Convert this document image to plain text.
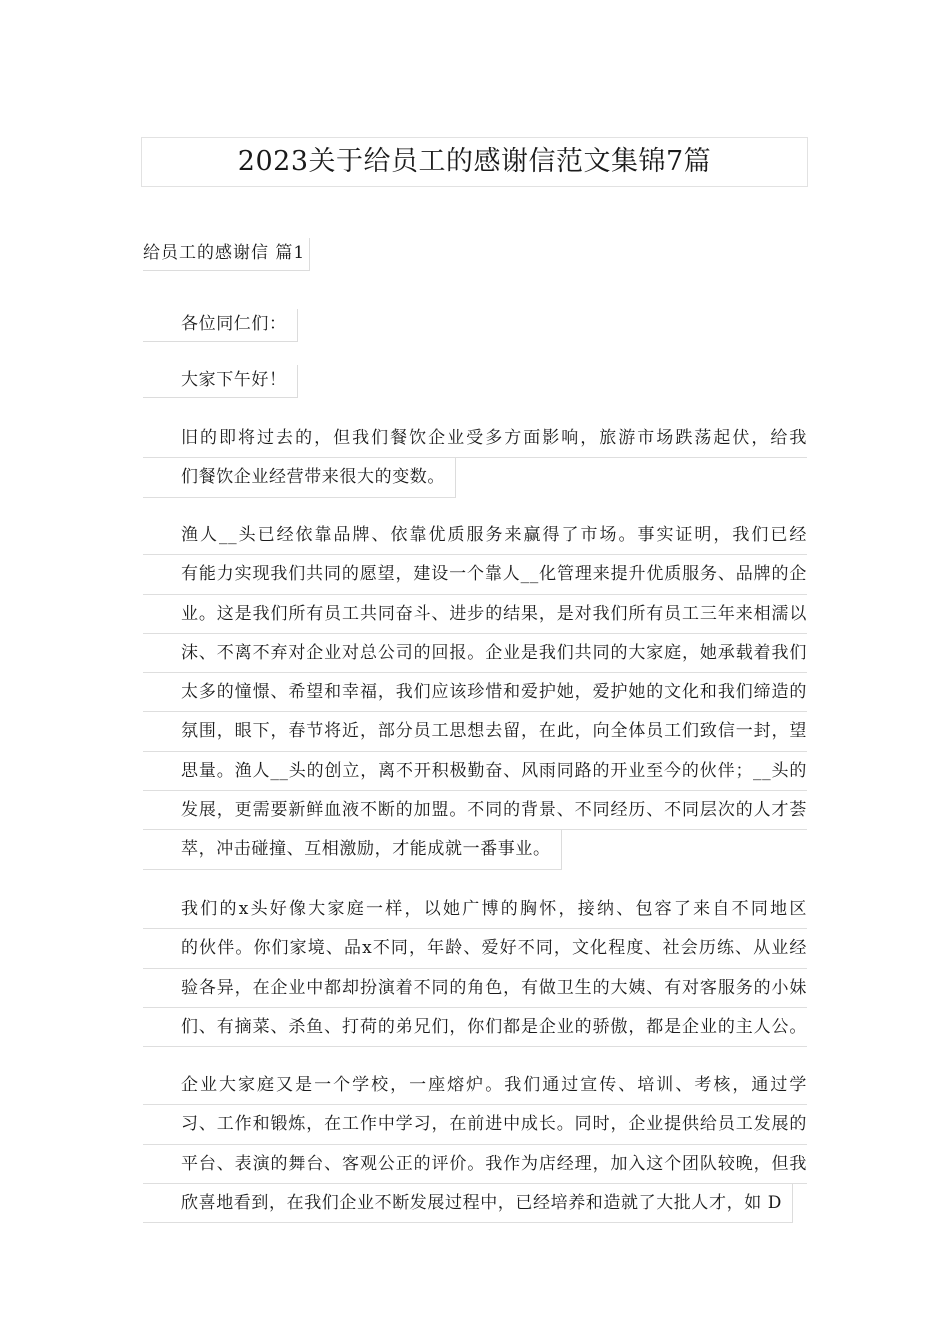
2023关于给员工的感谢信范文集锦7篇
给员工的感谢信 篇1
各位同仁们：
大家下午好！
旧的即将过去的，但我们餐饮企业受多方面影响，旅游市场跌荡起伏，给我
们餐饮企业经营带来很大的变数。
渔人__头已经依靠品牌、依靠优质服务来赢得了市场。事实证明，我们已经
有能力实现我们共同的愿望，建设一个靠人__化管理来提升优质服务、品牌的企
业。这是我们所有员工共同奋斗、进步的结果，是对我们所有员工三年来相濡以
沫、不离不弃对企业对总公司的回报。企业是我们共同的大家庭，她承载着我们
太多的憧憬、希望和幸福，我们应该珍惜和爱护她，爱护她的文化和我们缔造的
氛围，眼下，春节将近，部分员工思想去留，在此，向全体员工们致信一封，望
思量。渔人__头的创立，离不开积极勤奋、风雨同路的开业至今的伙伴；__头的
发展，更需要新鲜血液不断的加盟。不同的背景、不同经历、不同层次的人才荟
萃，冲击碰撞、互相激励，才能成就一番事业。
我们的x头好像大家庭一样，以她广博的胸怀，接纳、包容了来自不同地区
的伙伴。你们家境、品x不同，年龄、爱好不同，文化程度、社会历练、从业经
验各异，在企业中都却扮演着不同的角色，有做卫生的大姨、有对客服务的小妹
们、有摘菜、杀鱼、打荷的弟兄们，你们都是企业的骄傲，都是企业的主人公。
企业大家庭又是一个学校，一座熔炉。我们通过宣传、培训、考核，通过学
习、工作和锻炼，在工作中学习，在前进中成长。同时，企业提供给员工发展的
平台、表演的舞台、客观公正的评价。我作为店经理，加入这个团队较晚，但我
欣喜地看到，在我们企业不断发展过程中，已经培养和造就了大批人才，如 D
